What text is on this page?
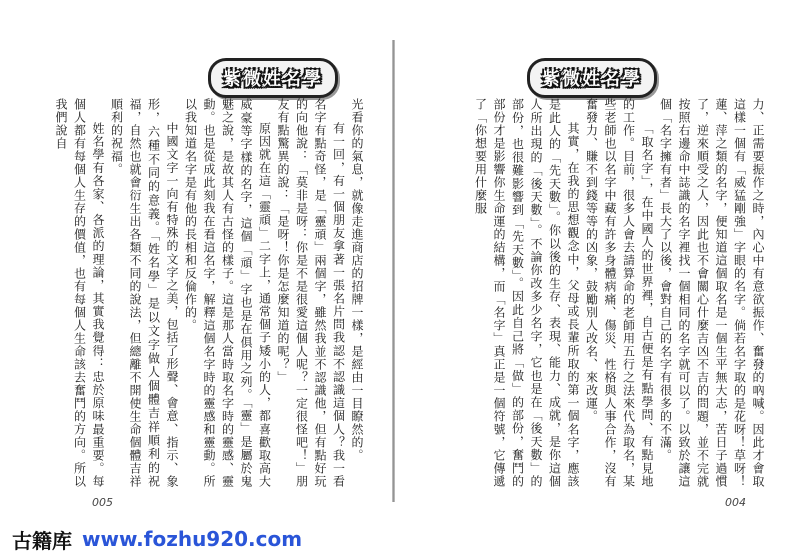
紫微姓名學

光看你的氣息，就像走進商店的招牌一樣，是經由一目瞭然的。

有一回，有一個朋友拿著一張名片問我認不認識這個人？我一看名字有點奇怪，是「靈頑」兩個字，雖然我並不認識他，但有點好玩的向他說：「莫非是呀：你是不是很愛這個人呢？一定很怪吧！」朋友有點驚異的說：「是呀！你是怎麼知道的呢？」

原因就在這「靈頑」二字上，通常個子矮小的人，都喜歡取高大威豪等字樣的名字，這個「頑」字也是在俱用之列。「靈」是屬於鬼魅之說，是故其人有古怪的樣子。這是那人當時取名字時的靈感、靈動。也是從成此刻我在看這名字，解釋這個名字時的靈感和靈動。所以我知道名字是有他的長相和反倫作的。

中國文字一向有特殊的文字之美，包括了形聲、會意、指示、象形，六種不同的意義。「姓名學」是以文字做人個體吉祥順利的祝福，自然也就會衍生出各類不同的說法，但總離不開使生命個體吉祥順利的祝福。

姓名學有各家、各派的理論，其實我覺得：忠於原味最重要。每個人都有每個人生存的價值，也有每個人生命該去奮鬥的方向。所以我們說自

005
紫微姓名學

力、正需要振作之時，內心中有意欲振作、奮發的吶喊。因此才會取這樣一個有「威猛剛強」字眼的名字。倘若名字取的是花呀！草呀！蓮、萍之類的名字，便知道這個取名是一個生平無大志，苦日子過慣了，逆來順受之人，因此也不會關心什麼吉凶不吉的問題，並不完就按照右邊命中誌識的名字裡找一個相同的名字就可以了。以致於讓這個「名字擁有者」長大了以後，會對自己的名字有很多的不滿。

「取名字」，在中國人的世界裡，自古便是有點學問、有點見地的工作。目前，很多人會去請算命的老師用五行之法來代為取名，某些老師也以名字中藏有許多身體病痛、傷災、性格與人事合作，沒有奮發力、賺不到錢等等的凶象，鼓勵別人改名、來改運。

其實，在我的思想觀念中，父母或長輩所取的第一個名字，應該是此人的「先天數」。你以後的生存、表現、能力、成就，是你這個人所出現的「後天數」。不論你改多少名字，它也是在「後天數」的部份，也很難影響到「先天數」。因此自己將「做」的部份，奮鬥的部份才是影響你生命運的結構，而「名字」真正是一個符號，它傳遞了「你想要用什麼服

004
古籍库 www.fozhu920.com
